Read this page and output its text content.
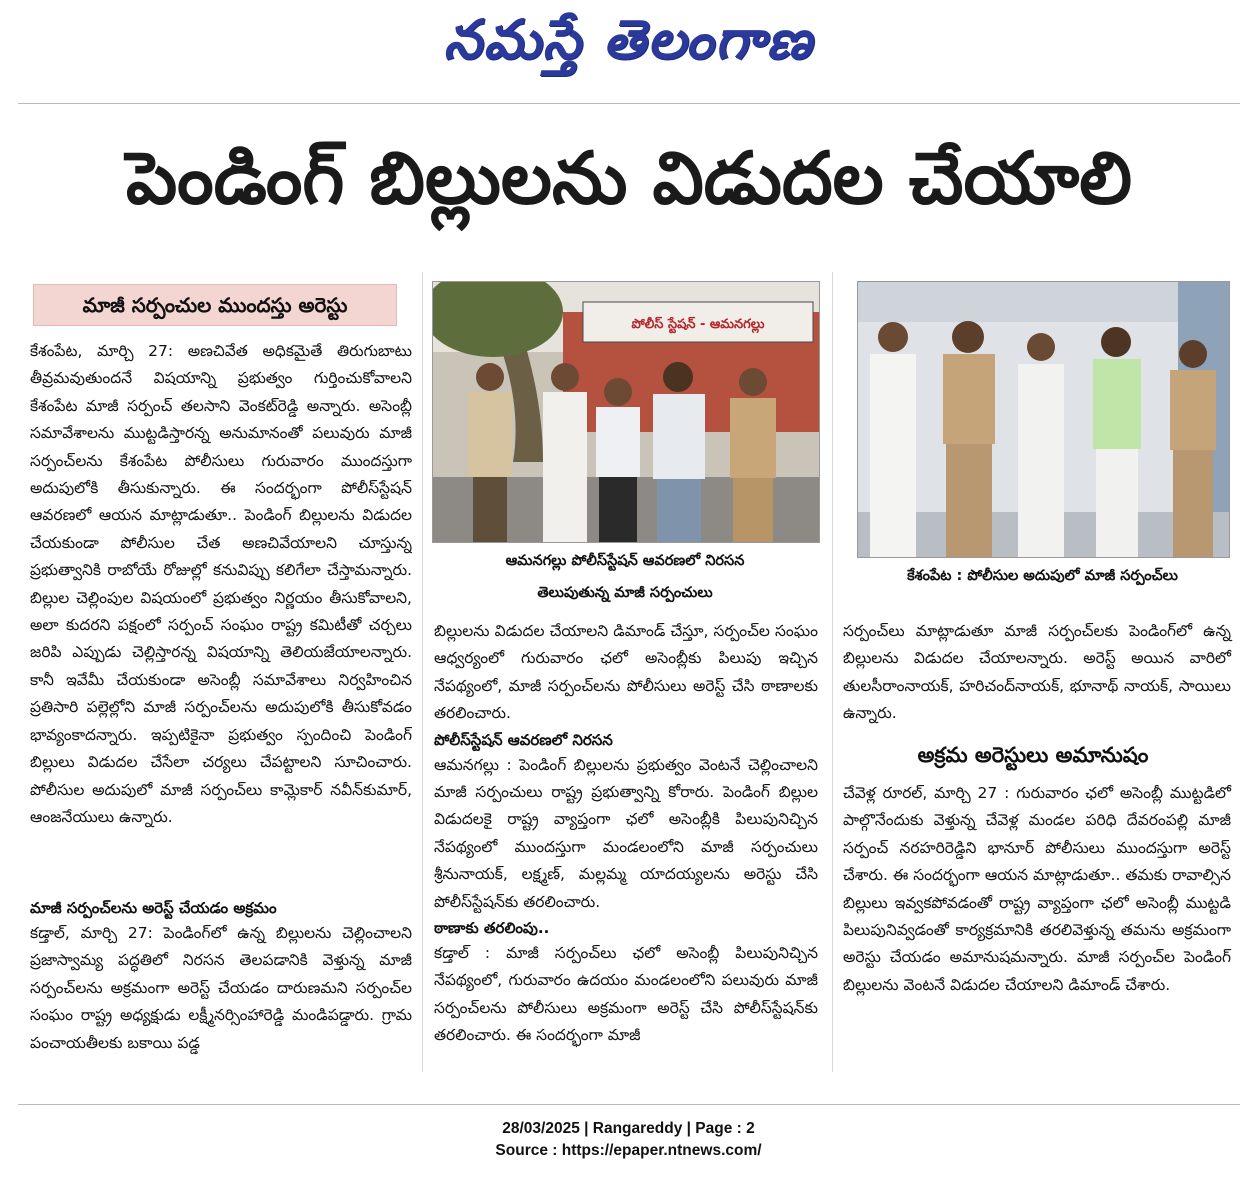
నమస్తే తెలంగాణ
పెండింగ్ బిల్లులను విడుదల చేయాలి
మాజీ సర్పంచుల ముందస్తు అరెస్టు

కేశంపేట, మార్చి 27: అణచివేత అధికమైతే తిరుగుబాటు తీవ్రమవుతుందనే విషయాన్ని ప్రభుత్వం గుర్తించుకోవాలని కేశంపేట మాజీ సర్పంచ్ తలసాని వెంకట్‌రెడ్డి అన్నారు. అసెంబ్లీ సమావేశాలను ముట్టడిస్తారన్న అనుమానంతో పలువురు మాజీ సర్పంచ్‌లను కేశంపేట పోలీసులు గురువారం ముందస్తుగా అదుపులోకి తీసుకున్నారు. ఈ సందర్భంగా పోలీస్‌స్టేషన్ ఆవరణలో ఆయన మాట్లాడుతూ.. పెండింగ్ బిల్లులను విడుదల చేయకుండా పోలీసుల చేత అణచివేయాలని చూస్తున్న ప్రభుత్వానికి రాబోయే రోజుల్లో కనువిప్పు కలిగేలా చేస్తామన్నారు. బిల్లుల చెల్లింపుల విషయంలో ప్రభుత్వం నిర్ణయం తీసుకోవాలని, అలా కుదరని పక్షంలో సర్పంచ్ సంఘం రాష్ట్ర కమిటీతో చర్చలు జరిపి ఎప్పుడు చెల్లిస్తారన్న విషయాన్ని తెలియజేయాలన్నారు. కానీ ఇవేమీ చేయకుండా అసెంబ్లీ సమావేశాలు నిర్వహించిన ప్రతిసారి పల్లెల్లోని మాజీ సర్పంచ్‌లను అదుపులోకి తీసుకోవడం భావ్యంకాదన్నారు. ఇప్పటికైనా ప్రభుత్వం స్పందించి పెండింగ్ బిల్లులు విడుదల చేసేలా చర్యలు చేపట్టాలని సూచించారు. పోలీసుల అదుపులో మాజీ సర్పంచ్‌లు కామ్లెకార్ నవీన్‌కుమార్, ఆంజనేయులు ఉన్నారు.

మాజీ సర్పంచ్‌లను అరెస్ట్ చేయడం అక్రమం

కడ్తాల్, మార్చి 27: పెండింగ్‌లో ఉన్న బిల్లులను చెల్లించాలని ప్రజాస్వామ్య పద్ధతిలో నిరసన తెలపడానికి వెళ్తున్న మాజీ సర్పంచ్‌లను అక్రమంగా అరెస్ట్ చేయడం దారుణమని సర్పంచ్‌ల సంఘం రాష్ట్ర అధ్యక్షుడు లక్ష్మీనర్సింహారెడ్డి మండిపడ్డారు. గ్రామ పంచాయతీలకు బకాయి పడ్డ

పోలీస్ స్టేషన్ - ఆమనగల్లు
ఆమనగల్లు పోలీస్‌స్టేషన్ ఆవరణలో నిరసన
తెలుపుతున్న మాజీ సర్పంచులు

బిల్లులను విడుదల చేయాలని డిమాండ్ చేస్తూ, సర్పంచ్‌ల సంఘం ఆధ్వర్యంలో గురువారం ఛలో అసెంబ్లీకు పిలుపు ఇచ్చిన నేపథ్యంలో, మాజీ సర్పంచ్‌లను పోలీసులు అరెస్ట్ చేసి ఠాణాలకు తరలించారు.

పోలీస్‌స్టేషన్ ఆవరణలో నిరసన

ఆమనగల్లు : పెండింగ్ బిల్లులను ప్రభుత్వం వెంటనే చెల్లించాలని మాజీ సర్పంచులు రాష్ట్ర ప్రభుత్వాన్ని కోరారు. పెండింగ్ బిల్లుల విడుదలకై రాష్ట్ర వ్యాప్తంగా ఛలో అసెంబ్లీకి పిలుపునిచ్చిన నేపథ్యంలో ముందస్తుగా మండలంలోని మాజీ సర్పంచులు శ్రీనునాయక్, లక్ష్మణ్, మల్లమ్మ యాదయ్యలను అరెస్టు చేసి పోలీస్‌స్టేషన్‌కు తరలించారు.

ఠాణాకు తరలింపు..

కడ్తాల్ : మాజీ సర్పంచ్‌లు ఛలో అసెంబ్లీ పిలుపునిచ్చిన నేపథ్యంలో, గురువారం ఉదయం మండలంలోని పలువురు మాజీ సర్పంచ్‌లను పోలీసులు అక్రమంగా అరెస్ట్ చేసి పోలీస్‌స్టేషన్‌కు తరలించారు. ఈ సందర్భంగా మాజీ

కేశంపేట : పోలీసుల అదుపులో మాజీ సర్పంచ్‌లు

సర్పంచ్‌లు మాట్లాడుతూ మాజీ సర్పంచ్‌లకు పెండింగ్‌లో ఉన్న బిల్లులను విడుదల చేయాలన్నారు. అరెస్ట్ అయిన వారిలో తులసీరాంనాయక్, హరిచంద్‌నాయక్, భూనాథ్ నాయక్, సాయిలు ఉన్నారు.

అక్రమ అరెస్టులు అమానుషం

చేవెళ్ల రూరల్, మార్చి 27 : గురువారం ఛలో అసెంబ్లీ ముట్టడిలో పాల్గొనేందుకు వెళ్తున్న చేవెళ్ల మండల పరిధి దేవరంపల్లి మాజీ సర్పంచ్ నరహరిరెడ్డిని భానూర్ పోలీసులు ముందస్తుగా అరెస్ట్ చేశారు. ఈ సందర్భంగా ఆయన మాట్లాడుతూ.. తమకు రావాల్సిన బిల్లులు ఇవ్వకపోవడంతో రాష్ట్ర వ్యాప్తంగా ఛలో అసెంబ్లీ ముట్టడి పిలుపునివ్వడంతో కార్యక్రమానికి తరలివెళ్తున్న తమను అక్రమంగా అరెస్టు చేయడం అమానుషమన్నారు. మాజీ సర్పంచ్‌ల పెండింగ్ బిల్లులను వెంటనే విడుదల చేయాలని డిమాండ్ చేశారు.

28/03/2025 | Rangareddy | Page : 2
Source : https://epaper.ntnews.com/
